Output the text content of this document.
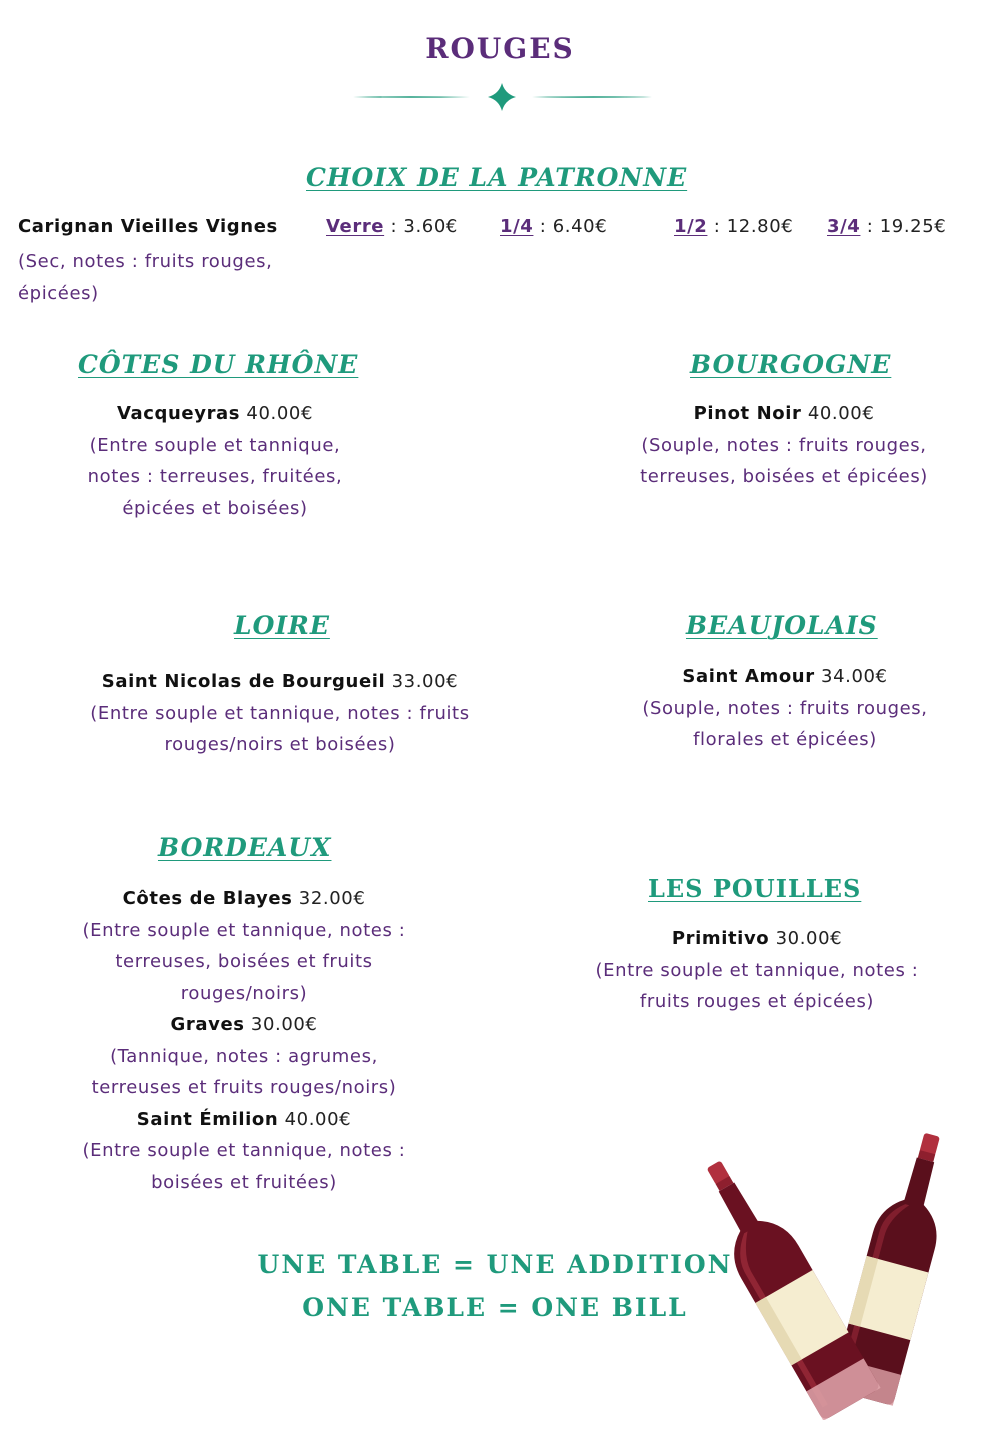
ROUGES
CHOIX DE LA PATRONNE
Carignan Vieilles Vignes
(Sec, notes : fruits rouges, épicées)
Verre : 3.60€ 1/4 : 6.40€	1/2 : 12.80€ 3/4 : 19.25€
CÔTES DU RHÔNE
Vacqueyras 40.00€
(Entre souple et tannique, notes : terreuses, fruitées, épicées et boisées)
BOURGOGNE
Pinot Noir 40.00€
(Souple, notes : fruits rouges, terreuses, boisées et épicées)
LOIRE
Saint Nicolas de Bourgueil 33.00€
(Entre souple et tannique, notes : fruits rouges/noirs et boisées)
BEAUJOLAIS
Saint Amour 34.00€
(Souple, notes : fruits rouges, florales et épicées)
BORDEAUX
Côtes de Blayes 32.00€
(Entre souple et tannique, notes : terreuses, boisées et fruits rouges/noirs)
Graves 30.00€
(Tannique, notes : agrumes, terreuses et fruits rouges/noirs)
Saint Émilion 40.00€
(Entre souple et tannique, notes : boisées et fruitées)
LES POUILLES
Primitivo 30.00€
(Entre souple et tannique, notes : fruits rouges et épicées)
UNE TABLE = UNE ADDITION
ONE TABLE = ONE BILL
